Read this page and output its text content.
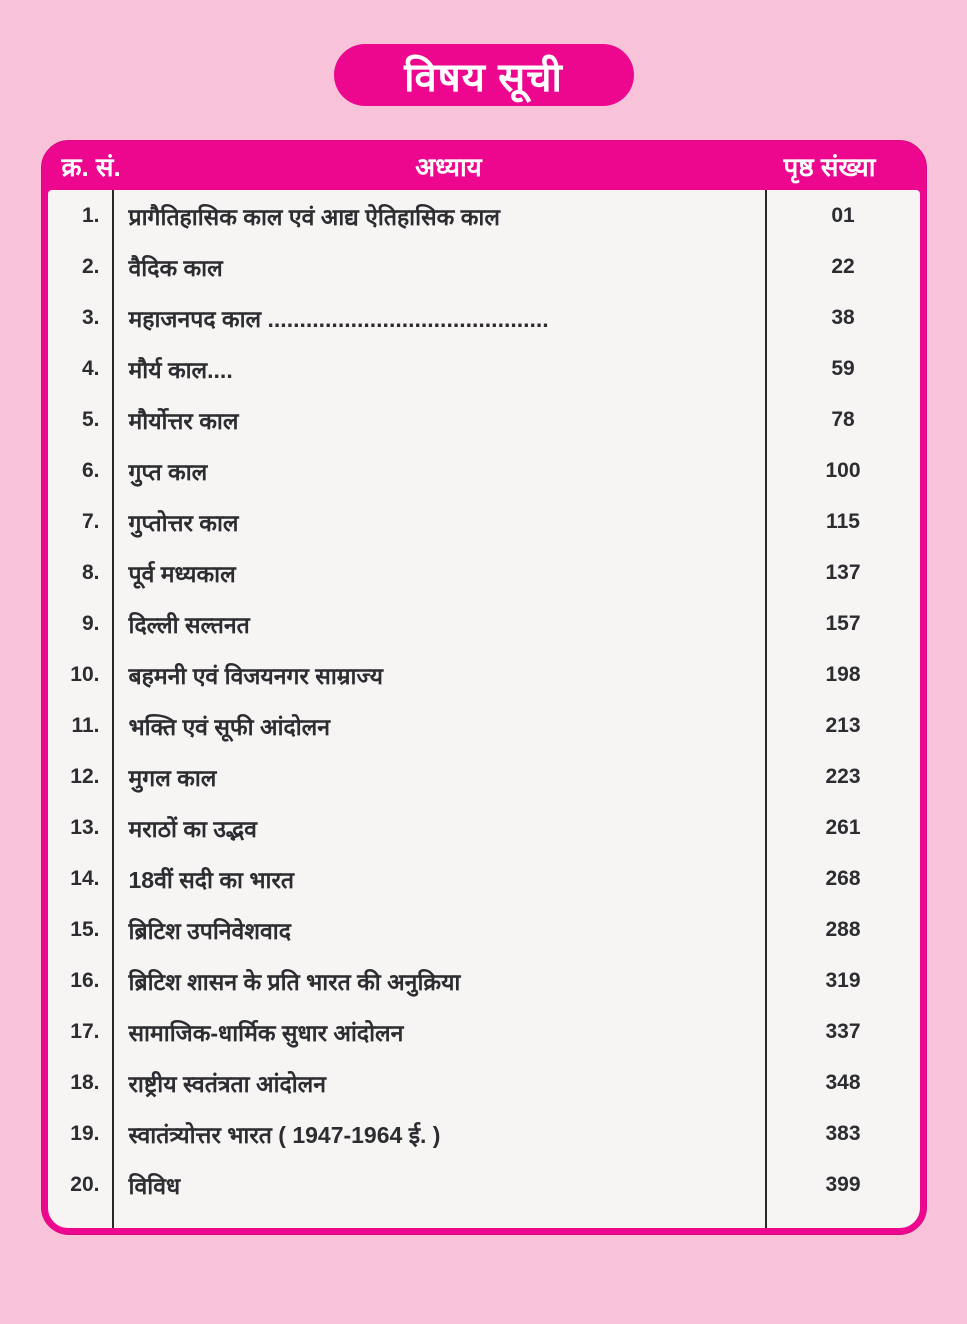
विषय सूची
क्र. सं.	अध्याय	पृष्ठ संख्या
1.	प्रागैतिहासिक काल एवं आद्य ऐतिहासिक काल	01
2.	वैदिक काल	22
3.	महाजनपद काल ............................................	38
4.	मौर्य काल....	59
5.	मौर्योत्तर काल	78
6.	गुप्त काल	100
7.	गुप्तोत्तर काल	115
8.	पूर्व मध्यकाल	137
9.	दिल्ली सल्तनत	157
10.	बहमनी एवं विजयनगर साम्राज्य	198
11.	भक्ति एवं सूफी आंदोलन	213
12.	मुगल काल	223
13.	मराठों का उद्भव	261
14.	18वीं सदी का भारत	268
15.	ब्रिटिश उपनिवेशवाद	288
16.	ब्रिटिश शासन के प्रति भारत की अनुक्रिया	319
17.	सामाजिक-धार्मिक सुधार आंदोलन	337
18.	राष्ट्रीय स्वतंत्रता आंदोलन	348
19.	स्वातंत्र्योत्तर भारत ( 1947-1964 ई. )	383
20.	विविध	399
